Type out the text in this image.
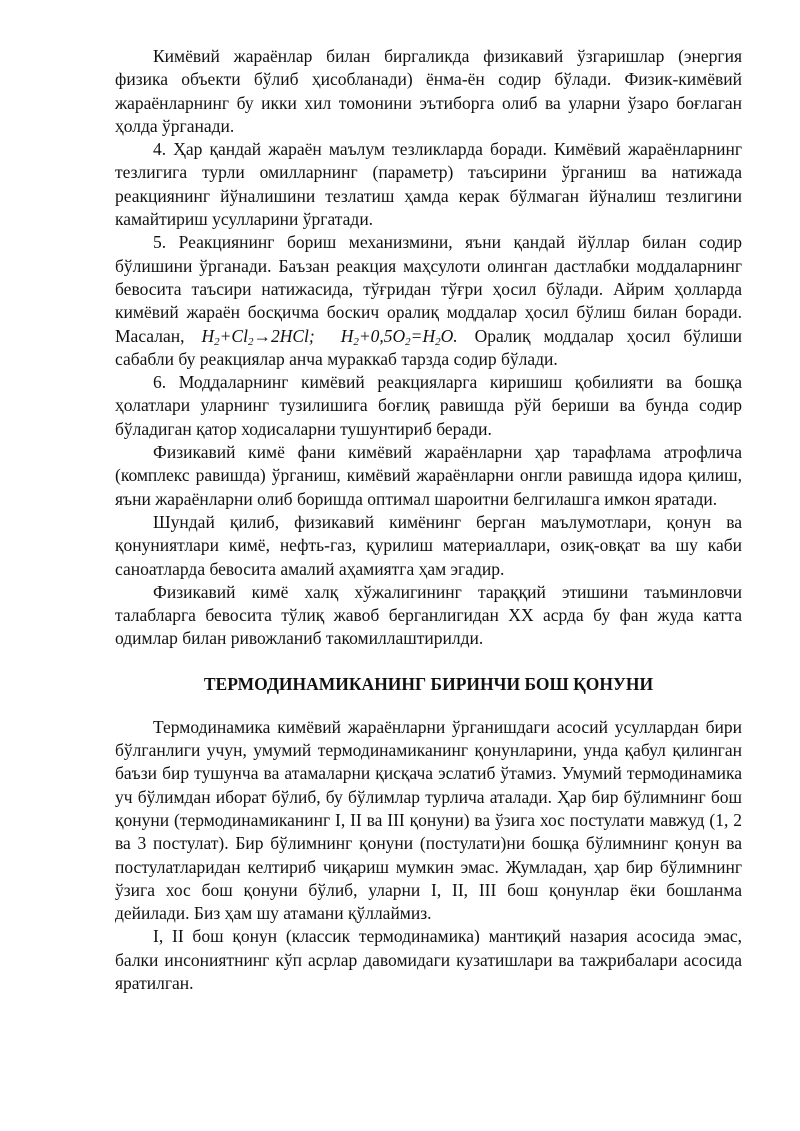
Кимёвий жараёнлар билан биргаликда физикавий ўзгаришлар (энергия физика объекти бўлиб ҳисобланади) ёнма-ён содир бўлади. Физик-кимёвий жараёнларнинг бу икки хил томонини эътиборга олиб ва уларни ўзаро боғлаган ҳолда ўрганади.

4. Ҳар қандай жараён маълум тезликларда боради. Кимёвий жараёнларнинг тезлигига турли омилларнинг (параметр) таъсирини ўрганиш ва натижада реакциянинг йўналишини тезлатиш ҳамда керак бўлмаган йўналиш тезлигини камайтириш усулларини ўргатади.

5. Реакциянинг бориш механизмини, яъни қандай йўллар билан содир бўлишини ўрганади. Баъзан реакция маҳсулоти олинган дастлабки моддаларнинг бевосита таъсири натижасида, тўғридан тўғри ҳосил бўлади. Айрим ҳолларда кимёвий жараён босқичма боскич оралиқ моддалар ҳосил бўлиш билан боради. Масалан, $H_2+Cl_2\to 2HCl$; $H_2+0,5O_2=H_2O$. Оралиқ моддалар ҳосил бўлиши сабабли бу реакциялар анча мураккаб тарзда содир бўлади.

6. Моддаларнинг кимёвий реакцияларга киришиш қобилияти ва бошқа ҳолатлари уларнинг тузилишига боғлиқ равишда рўй бериши ва бунда содир бўладиган қатор ходисаларни тушунтириб беради.

Физикавий кимё фани кимёвий жараёнларни ҳар тарафлама атрофлича (комплекс равишда) ўрганиш, кимёвий жараёнларни онгли равишда идора қилиш, яъни жараёнларни олиб боришда оптимал шароитни белгилашга имкон яратади.

Шундай қилиб, физикавий кимёнинг берган маълумотлари, қонун ва қонуниятлари кимё, нефть-газ, қурилиш материаллари, озиқ-овқат ва шу каби саноатларда бевосита амалий аҳамиятга ҳам эгадир.

Физикавий кимё халқ хўжалигининг тараққий этишини таъминловчи талабларга бевосита тўлиқ жавоб берганлигидан XX асрда бу фан жуда катта одимлар билан ривожланиб такомиллаштирилди.

ТЕРМОДИНАМИКАНИНГ БИРИНЧИ БОШ ҚОНУНИ

Термодинамика кимёвий жараёнларни ўрганишдаги асосий усуллардан бири бўлганлиги учун, умумий термодинамиканинг қонунларини, унда қабул қилинган баъзи бир тушунча ва атамаларни қисқача эслатиб ўтамиз. Умумий термодинамика уч бўлимдан иборат бўлиб, бу бўлимлар турлича аталади. Ҳар бир бўлимнинг бош қонуни (термодинамиканинг I, II ва III қонуни) ва ўзига хос постулати мавжуд (1, 2 ва 3 постулат). Бир бўлимнинг қонуни (постулати)ни бошқа бўлимнинг қонун ва постулатларидан келтириб чиқариш мумкин эмас. Жумладан, ҳар бир бўлимнинг ўзига хос бош қонуни бўлиб, уларни I, II, III бош қонунлар ёки бошланма дейилади. Биз ҳам шу атамани қўллаймиз.

I, II бош қонун (классик термодинамика) мантиқий назария асосида эмас, балки инсониятнинг кўп асрлар давомидаги кузатишлари ва тажрибалари асосида яратилган.
